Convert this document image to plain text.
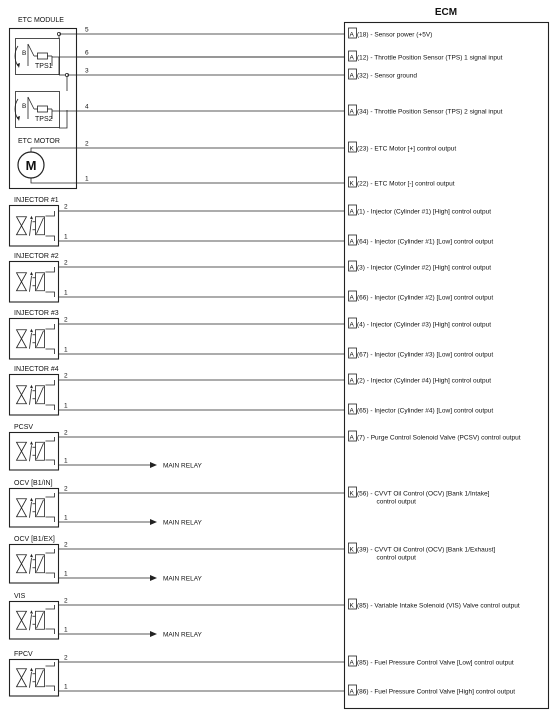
ECM
ETC MODULE
B
TPS1
B
TPS2
ETC MOTOR
M
5
A (18) - Sensor power (+5V)
6
A (12) - Throttle Position Sensor (TPS) 1 signal input
3
A (32) - Sensor ground
4
A (34) - Throttle Position Sensor (TPS) 2 signal input
2
K (23) - ETC Motor [+] control output
1
K (22) - ETC Motor [-] control output
INJECTOR #1
2
A (1) - Injector (Cylinder #1) [High] control output
1
A (64) - Injector (Cylinder #1) [Low] control output
INJECTOR #2
2
A (3) - Injector (Cylinder #2) [High] control output
1
A (66) - Injector (Cylinder #2) [Low] control output
INJECTOR #3
2
A (4) - Injector (Cylinder #3) [High] control output
1
A (67) - Injector (Cylinder #3) [Low] control output
INJECTOR #4
2
A (2) - Injector (Cylinder #4) [High] control output
1
A (65) - Injector (Cylinder #4) [Low] control output
PCSV
2
A (7) - Purge Control Solenoid Valve (PCSV) control output
1
MAIN RELAY
OCV [B1/IN]
2
K (56) - CVVT Oil Control (OCV) [Bank 1/Intake]
control output
1
MAIN RELAY
OCV [B1/EX]
2
K (39) - CVVT Oil Control (OCV) [Bank 1/Exhaust]
control output
1
MAIN RELAY
VIS
2
K (85) - Variable Intake Solenoid (VIS) Valve control output
1
MAIN RELAY
FPCV	2
A (85) - Fuel Pressure Control Valve [Low] control output
1
A (86) - Fuel Pressure Control Valve [High] control output
